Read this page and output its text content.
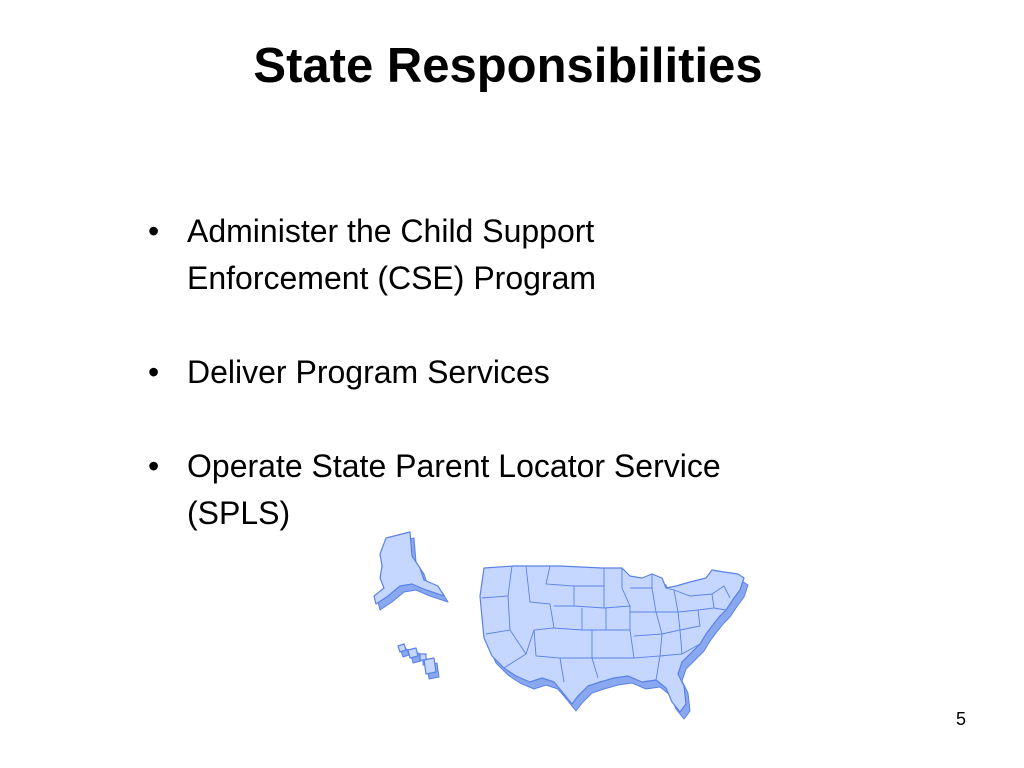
State Responsibilities
• Administer the Child Support
Enforcement (CSE) Program
• Deliver Program Services
• Operate State Parent Locator Service
(SPLS)
5
